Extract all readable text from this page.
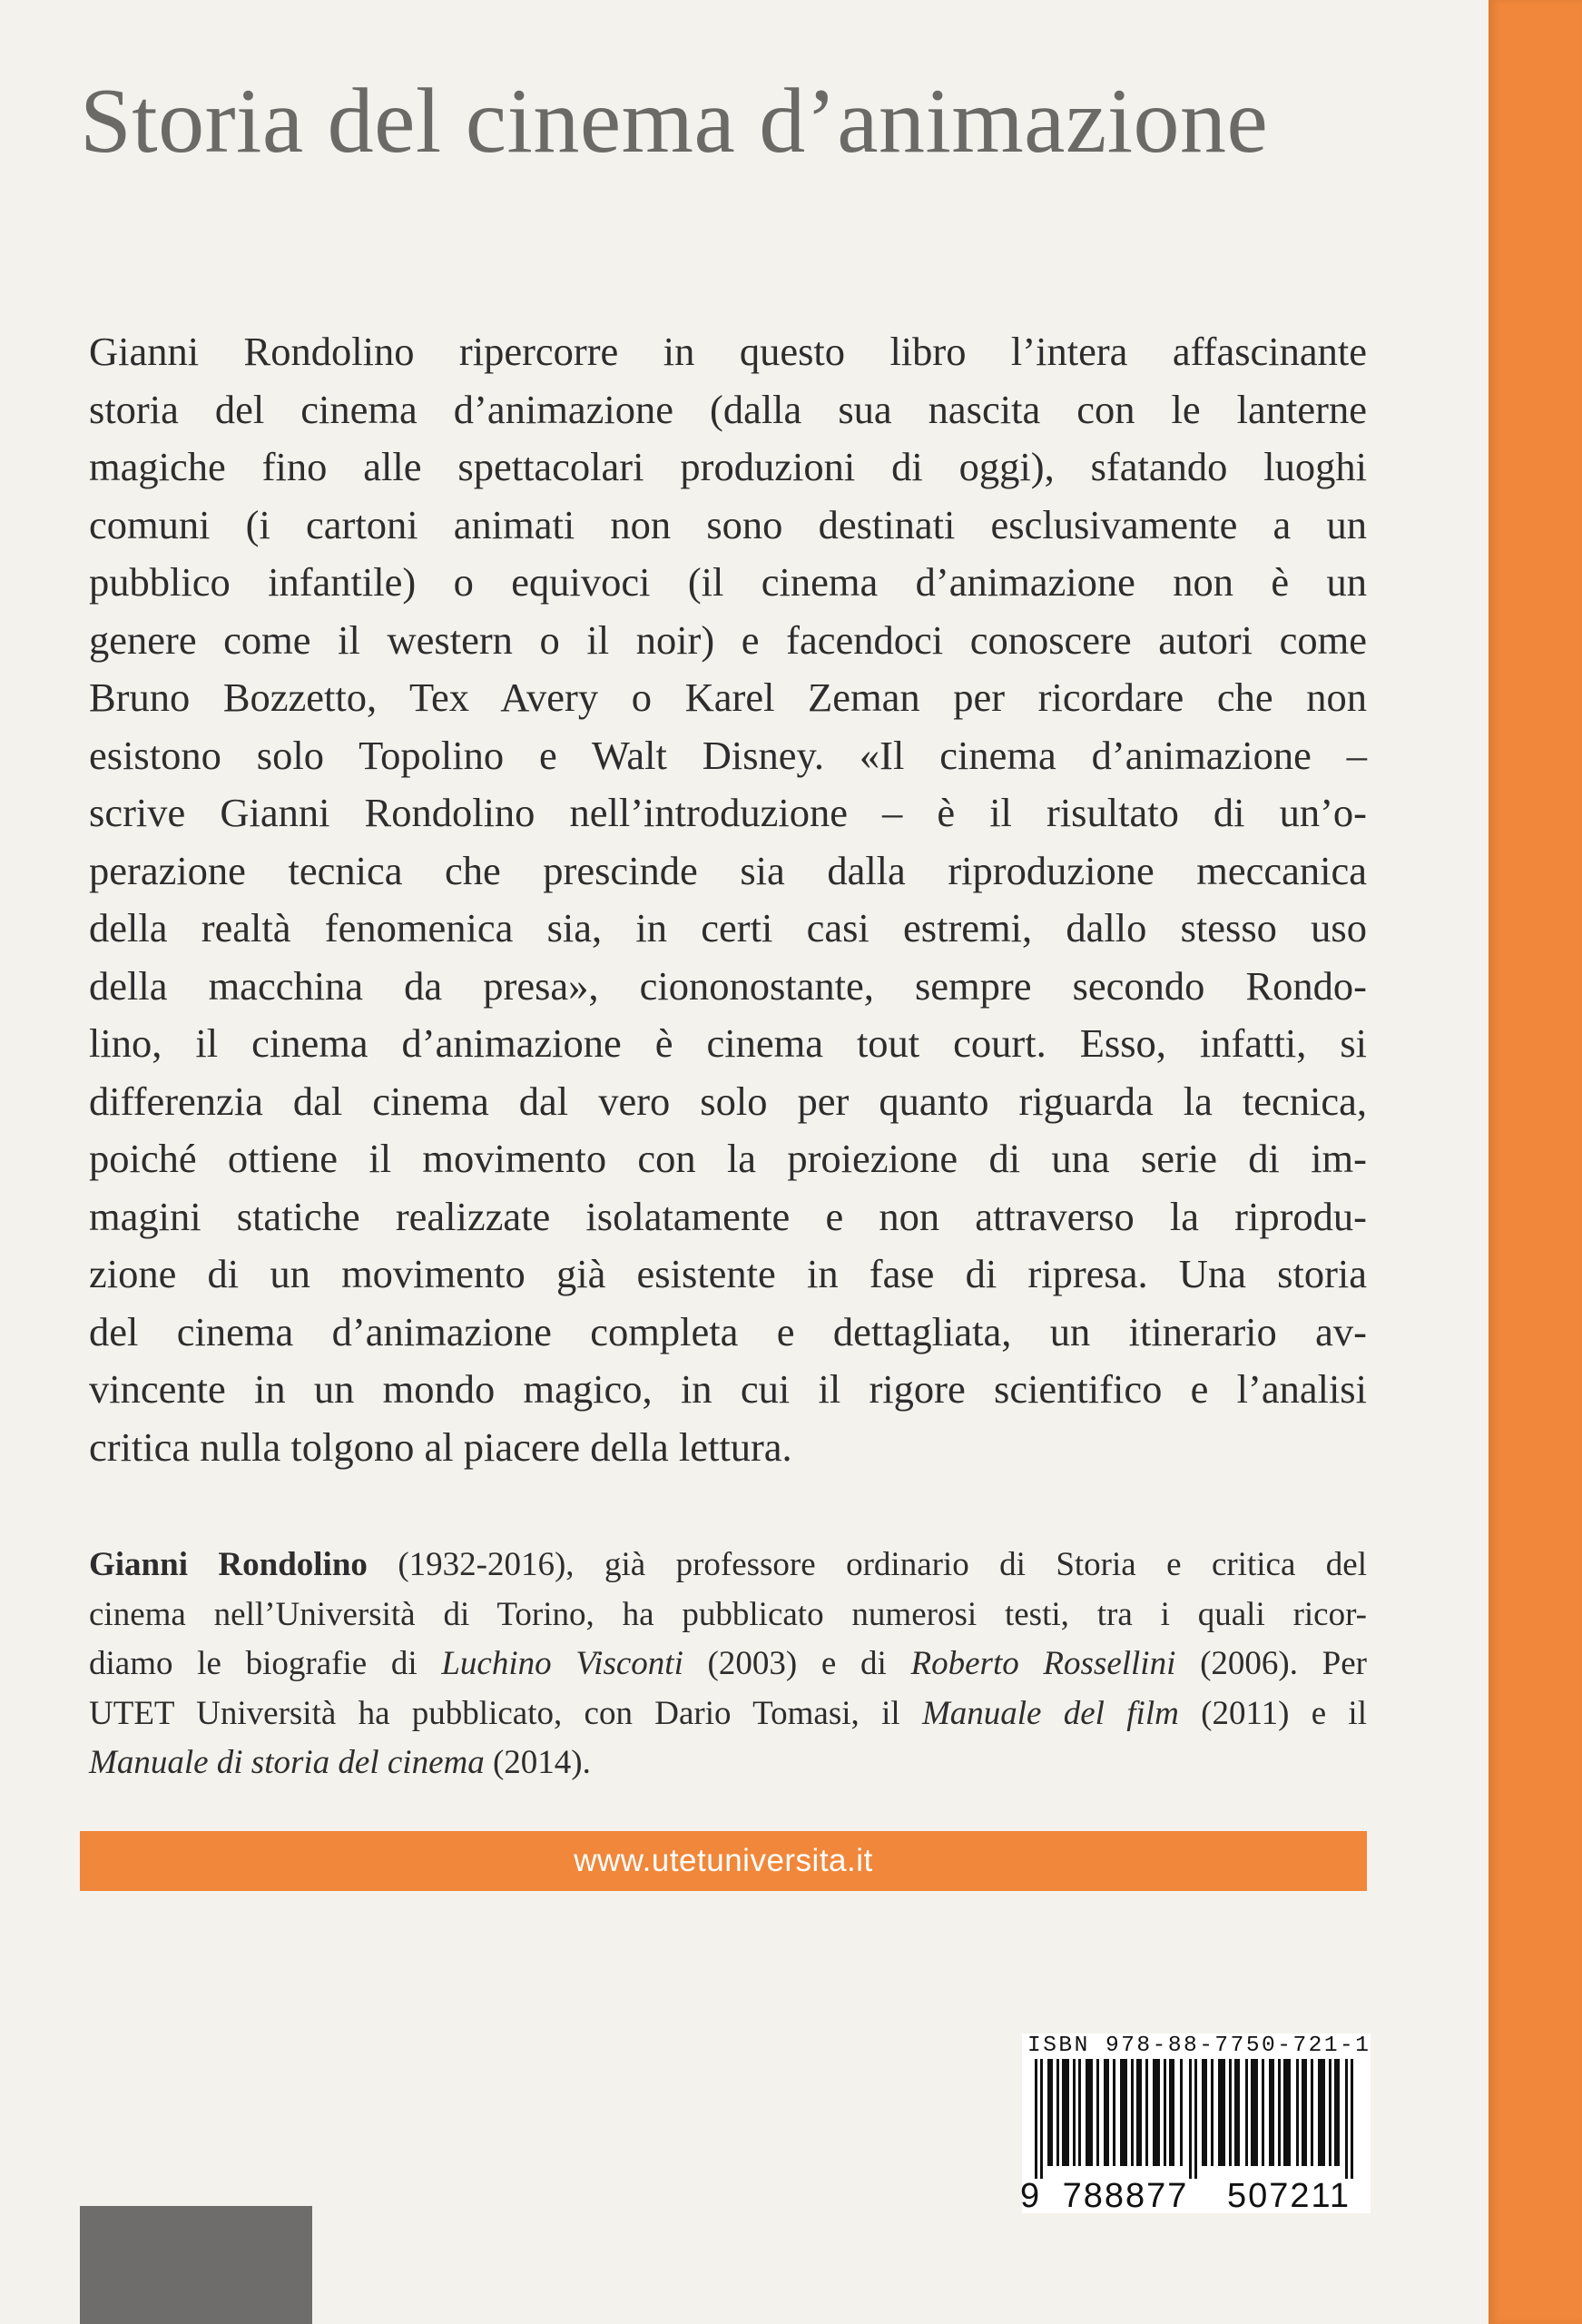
Storia del cinema d’animazione
Gianni Rondolino ripercorre in questo libro l’intera affascinante
storia del cinema d’animazione (dalla sua nascita con le lanterne
magiche fino alle spettacolari produzioni di oggi), sfatando luoghi
comuni (i cartoni animati non sono destinati esclusivamente a un
pubblico infantile) o equivoci (il cinema d’animazione non è un
genere come il western o il noir) e facendoci conoscere autori come
Bruno Bozzetto, Tex Avery o Karel Zeman per ricordare che non
esistono solo Topolino e Walt Disney. «Il cinema d’animazione –
scrive Gianni Rondolino nell’introduzione – è il risultato di un’o-
perazione tecnica che prescinde sia dalla riproduzione meccanica
della realtà fenomenica sia, in certi casi estremi, dallo stesso uso
della macchina da presa», ciononostante, sempre secondo Rondo-
lino, il cinema d’animazione è cinema tout court. Esso, infatti, si
differenzia dal cinema dal vero solo per quanto riguarda la tecnica,
poiché ottiene il movimento con la proiezione di una serie di im-
magini statiche realizzate isolatamente e non attraverso la riprodu-
zione di un movimento già esistente in fase di ripresa. Una storia
del cinema d’animazione completa e dettagliata, un itinerario av-
vincente in un mondo magico, in cui il rigore scientifico e l’analisi
critica nulla tolgono al piacere della lettura.
Gianni Rondolino (1932-2016), già professore ordinario di Storia e critica del
cinema nell’Università di Torino, ha pubblicato numerosi testi, tra i quali ricor-
diamo le biografie di Luchino Visconti (2003) e di Roberto Rossellini (2006). Per
UTET Università ha pubblicato, con Dario Tomasi, il Manuale del film (2011) e il
Manuale di storia del cinema (2014).
www.utetuniversita.it
ISBN 978-88-7750-721-1
9 788877	507211
